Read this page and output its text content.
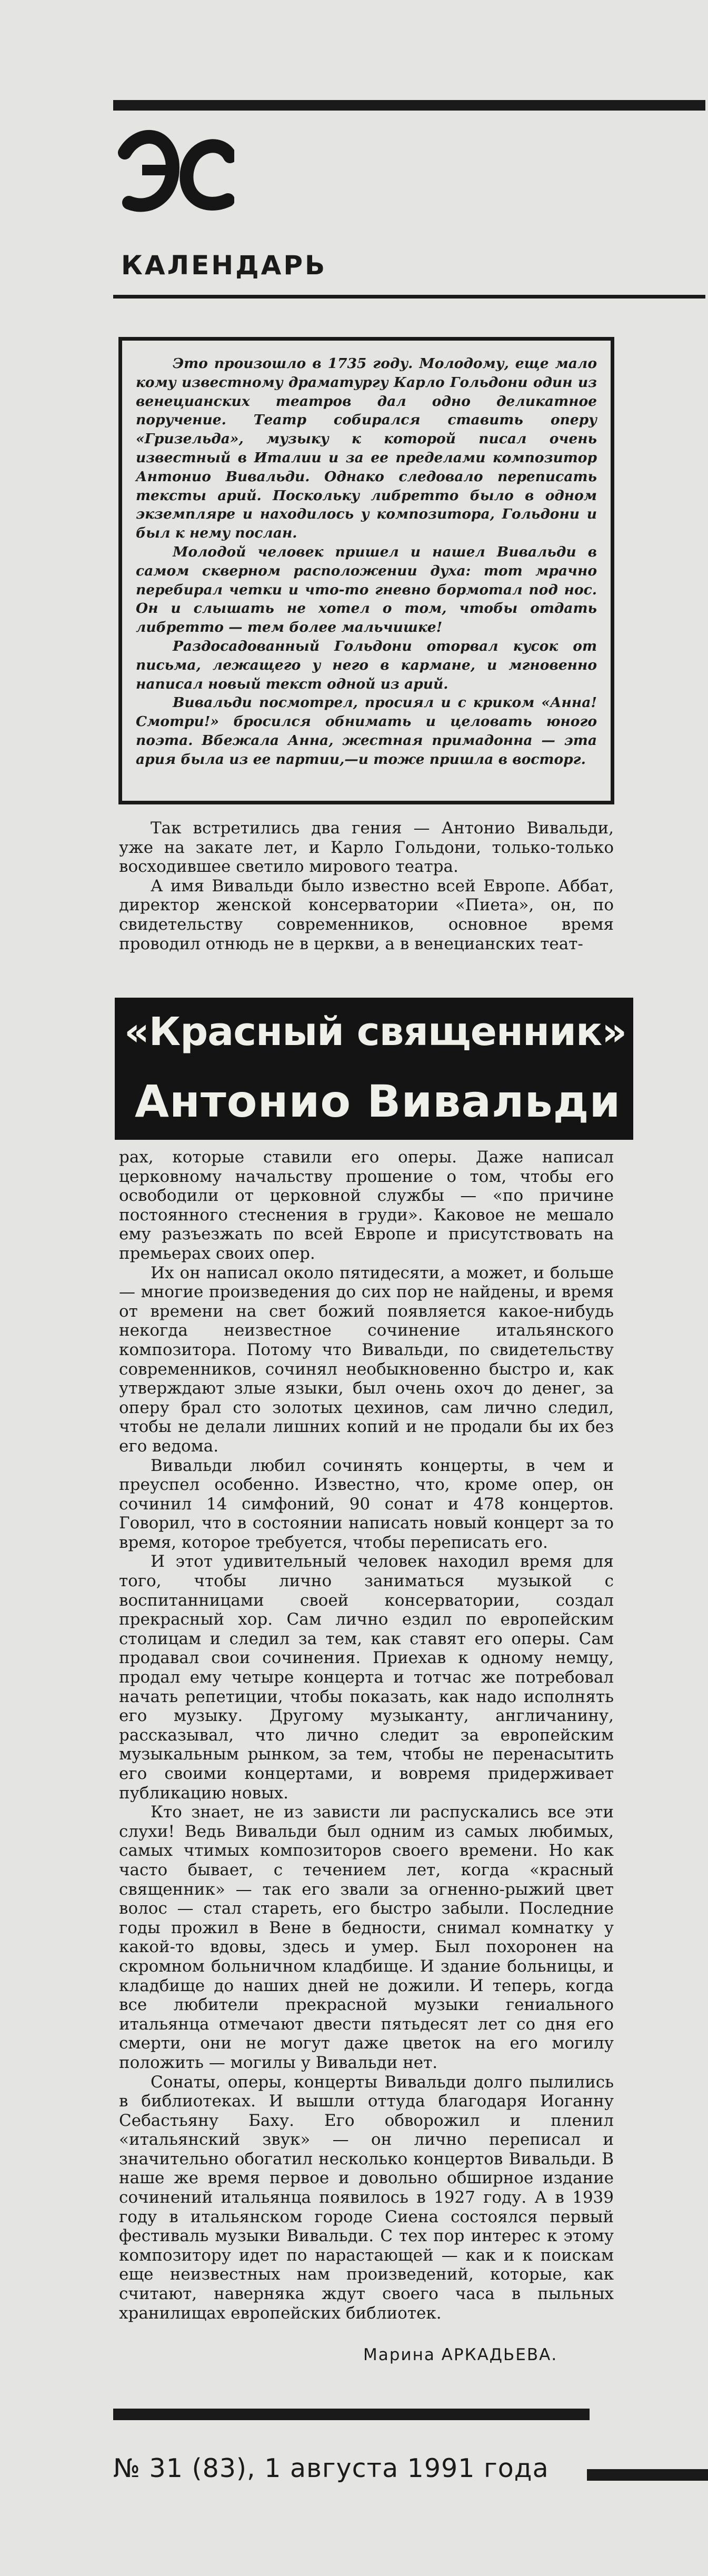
КАЛЕНДАРЬ

Это произошло в 1735 году. Молодому, еще мало кому известному драматургу Карло Гольдони один из венецианских театров дал одно деликатное поручение. Театр собирался ставить оперу «Гризельда», музыку к которой писал очень известный в Италии и за ее пределами композитор Антонио Вивальди. Однако следовало переписать тексты арий. Поскольку либретто было в одном экземпляре и находилось у композитора, Гольдони и был к нему послан.

Молодой человек пришел и нашел Вивальди в самом скверном расположении духа: тот мрачно перебирал четки и что-то гневно бормотал под нос. Он и слышать не хотел о том, чтобы отдать либретто — тем более мальчишке!

Раздосадованный Гольдони оторвал кусок от письма, лежащего у него в кармане, и мгновенно написал новый текст одной из арий.

Вивальди посмотрел, просиял и с криком «Анна! Смотри!» бросился обнимать и целовать юного поэта. Вбежала Анна, жестная примадонна — эта ария была из ее партии,—и тоже пришла в восторг.

Так встретились два гения — Антонио Вивальди, уже на закате лет, и Карло Гольдони, только-только восходившее светило мирового театра.

А имя Вивальди было известно всей Европе. Аббат, директор женской консерватории «Пиета», он, по свидетельству современников, основное время проводил отнюдь не в церкви, а в венецианских теат-

«Красный священник»
Антонио Вивальди

рах, которые ставили его оперы. Даже написал церковному начальству прошение о том, чтобы его освободили от церковной службы — «по причине постоянного стеснения в груди». Каковое не мешало ему разъезжать по всей Европе и присутствовать на премьерах своих опер.

Их он написал около пятидесяти, а может, и больше — многие произведения до сих пор не найдены, и время от времени на свет божий появляется какое-нибудь некогда неизвестное сочинение итальянского композитора. Потому что Вивальди, по свидетельству современников, сочинял необыкновенно быстро и, как утверждают злые языки, был очень охоч до денег, за оперу брал сто золотых цехинов, сам лично следил, чтобы не делали лишних копий и не продали бы их без его ведома.

Вивальди любил сочинять концерты, в чем и преуспел особенно. Известно, что, кроме опер, он сочинил 14 симфоний, 90 сонат и 478 концертов. Говорил, что в состоянии написать новый концерт за то время, которое требуется, чтобы переписать его.

И этот удивительный человек находил время для того, чтобы лично заниматься музыкой с воспитанницами своей консерватории, создал прекрасный хор. Сам лично ездил по европейским столицам и следил за тем, как ставят его оперы. Сам продавал свои сочинения. Приехав к одному немцу, продал ему четыре концерта и тотчас же потребовал начать репетиции, чтобы показать, как надо исполнять его музыку. Другому музыканту, англичанину, рассказывал, что лично следит за европейским музыкальным рынком, за тем, чтобы не перенасытить его своими концертами, и вовремя придерживает публикацию новых.

Кто знает, не из зависти ли распускались все эти слухи! Ведь Вивальди был одним из самых любимых, самых чтимых композиторов своего времени. Но как часто бывает, с течением лет, когда «красный священник» — так его звали за огненно-рыжий цвет волос — стал стареть, его быстро забыли. Последние годы прожил в Вене в бедности, снимал комнатку у какой-то вдовы, здесь и умер. Был похоронен на скромном больничном кладбище. И здание больницы, и кладбище до наших дней не дожили. И теперь, когда все любители прекрасной музыки гениального итальянца отмечают двести пятьдесят лет со дня его смерти, они не могут даже цветок на его могилу положить — могилы у Вивальди нет.

Сонаты, оперы, концерты Вивальди долго пылились в библиотеках. И вышли оттуда благодаря Иоганну Себастьяну Баху. Его обворожил и пленил «итальянский звук» — он лично переписал и значительно обогатил несколько концертов Вивальди. В наше же время первое и довольно обширное издание сочинений итальянца появилось в 1927 году. А в 1939 году в итальянском городе Сиена состоялся первый фестиваль музыки Вивальди. С тех пор интерес к этому композитору идет по нарастающей — как и к поискам еще неизвестных нам произведений, которые, как считают, наверняка ждут своего часа в пыльных хранилищах европейских библиотек.

Марина АРКАДЬЕВА.
№ 31 (83), 1 августа 1991 года
